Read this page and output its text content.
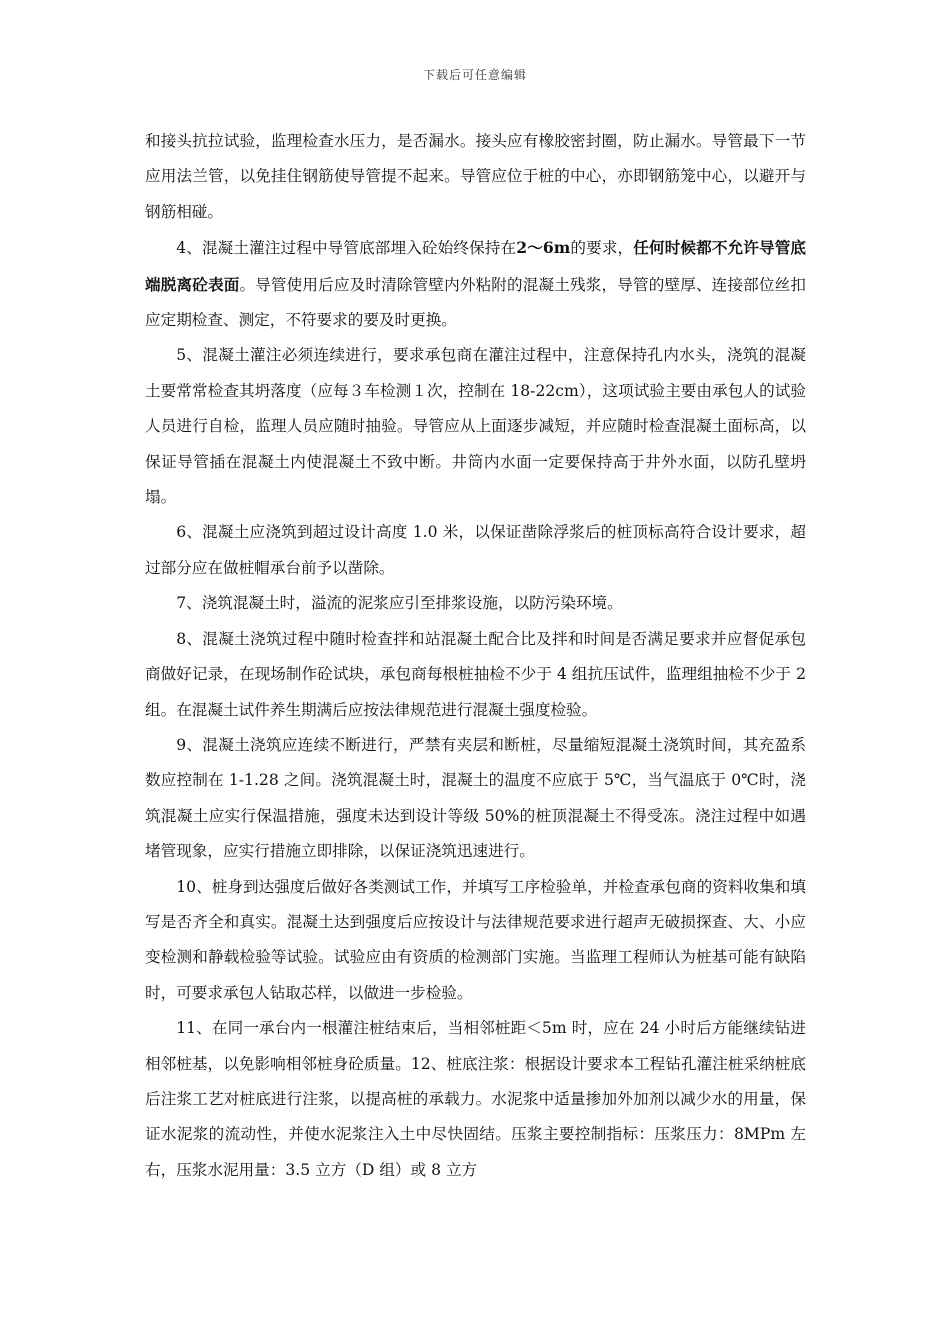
下载后可任意编辑

和接头抗拉试验，监理检查水压力，是否漏水。接头应有橡胶密封圈，防止漏水。导管最下一节应用法兰管，以免挂住钢筋使导管提不起来。导管应位于桩的中心，亦即钢筋笼中心，以避开与钢筋相碰。

4、混凝土灌注过程中导管底部埋入砼始终保持在2～6m的要求，任何时候都不允许导管底端脱离砼表面。导管使用后应及时清除管壁内外粘附的混凝土残浆，导管的壁厚、连接部位丝扣应定期检查、测定，不符要求的要及时更换。

5、混凝土灌注必须连续进行，要求承包商在灌注过程中，注意保持孔内水头，浇筑的混凝土要常常检查其坍落度（应每３车检测１次，控制在 18-22cm），这项试验主要由承包人的试验人员进行自检，监理人员应随时抽验。导管应从上面逐步减短，并应随时检查混凝土面标高，以保证导管插在混凝土内使混凝土不致中断。井筒内水面一定要保持高于井外水面，以防孔壁坍塌。

6、混凝土应浇筑到超过设计高度 1.0 米，以保证凿除浮浆后的桩顶标高符合设计要求，超过部分应在做桩帽承台前予以凿除。

7、浇筑混凝土时，溢流的泥浆应引至排浆设施，以防污染环境。

8、混凝土浇筑过程中随时检查拌和站混凝土配合比及拌和时间是否满足要求并应督促承包商做好记录，在现场制作砼试块，承包商每根桩抽检不少于 4 组抗压试件，监理组抽检不少于 2 组。在混凝土试件养生期满后应按法律规范进行混凝土强度检验。

9、混凝土浇筑应连续不断进行，严禁有夹层和断桩，尽量缩短混凝土浇筑时间，其充盈系数应控制在 1-1.28 之间。浇筑混凝土时，混凝土的温度不应底于 5℃，当气温底于 0℃时，浇筑混凝土应实行保温措施，强度未达到设计等级 50%的桩顶混凝土不得受冻。浇注过程中如遇堵管现象，应实行措施立即排除，以保证浇筑迅速进行。

10、桩身到达强度后做好各类测试工作，并填写工序检验单，并检查承包商的资料收集和填写是否齐全和真实。混凝土达到强度后应按设计与法律规范要求进行超声无破损探查、大、小应变检测和静载检验等试验。试验应由有资质的检测部门实施。当监理工程师认为桩基可能有缺陷时，可要求承包人钻取芯样，以做进一步检验。

11、在同一承台内一根灌注桩结束后，当相邻桩距＜5m 时，应在 24 小时后方能继续钻进相邻桩基，以免影响相邻桩身砼质量。12、桩底注浆：根据设计要求本工程钻孔灌注桩采纳桩底后注浆工艺对桩底进行注浆，以提高桩的承载力。水泥浆中适量掺加外加剂以减少水的用量，保证水泥浆的流动性，并使水泥浆注入土中尽快固结。压浆主要控制指标：压浆压力：8MPm 左右，压浆水泥用量：3.5 立方（D 组）或 8 立方
